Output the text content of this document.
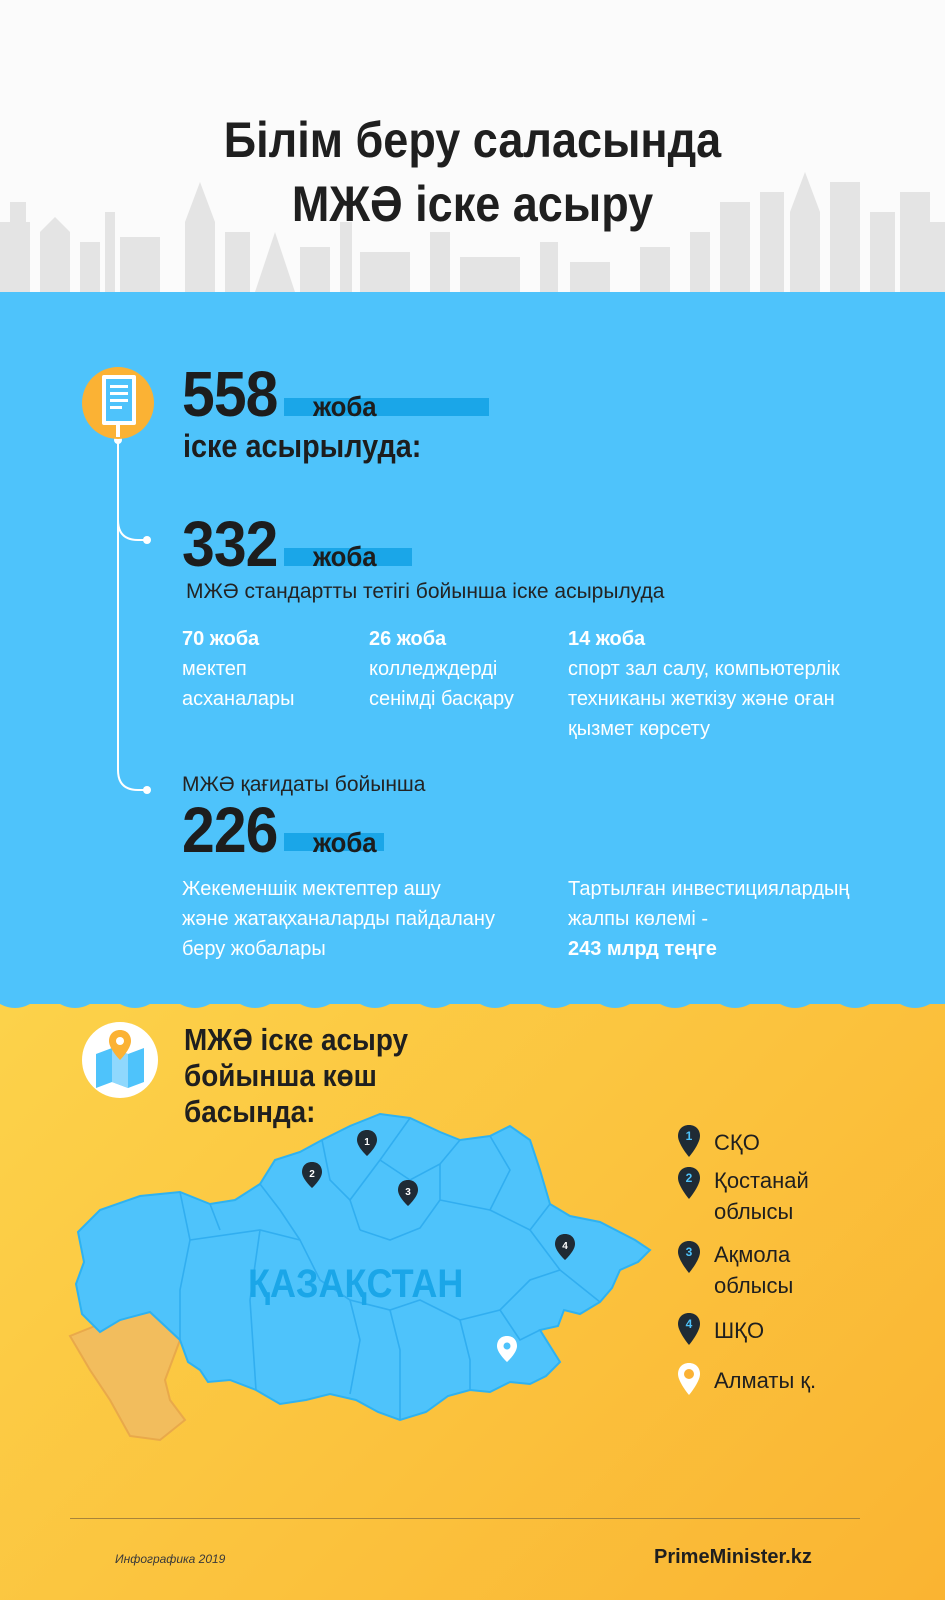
Білім беру саласында
МЖӘ іске асыру
558 жоба
іске асырылуда:
332 жоба
МЖӘ стандартты тетігі бойынша іске асырылуда
70 жоба
мектеп
асханалары
26 жоба
колледждерді
сенімді басқару
14 жоба
спорт зал салу, компьютерлік
техниканы жеткізу және оған
қызмет көрсету
МЖӘ қағидаты бойынша
226 жоба
Жекеменшік мектептер ашу
және жатақханаларды пайдалану
беру жобалары
Тартылған инвестициялардың
жалпы көлемі -
243 млрд теңге
МЖӘ іске асыру
бойынша көш
басында:
1
2
3
4
ҚАЗАҚСТАН
1 СҚО
2 Қостанай
облысы
3 Ақмола
облысы
4 ШҚО
Алматы қ.
Инфографика 2019	PrimeMinister.kz
